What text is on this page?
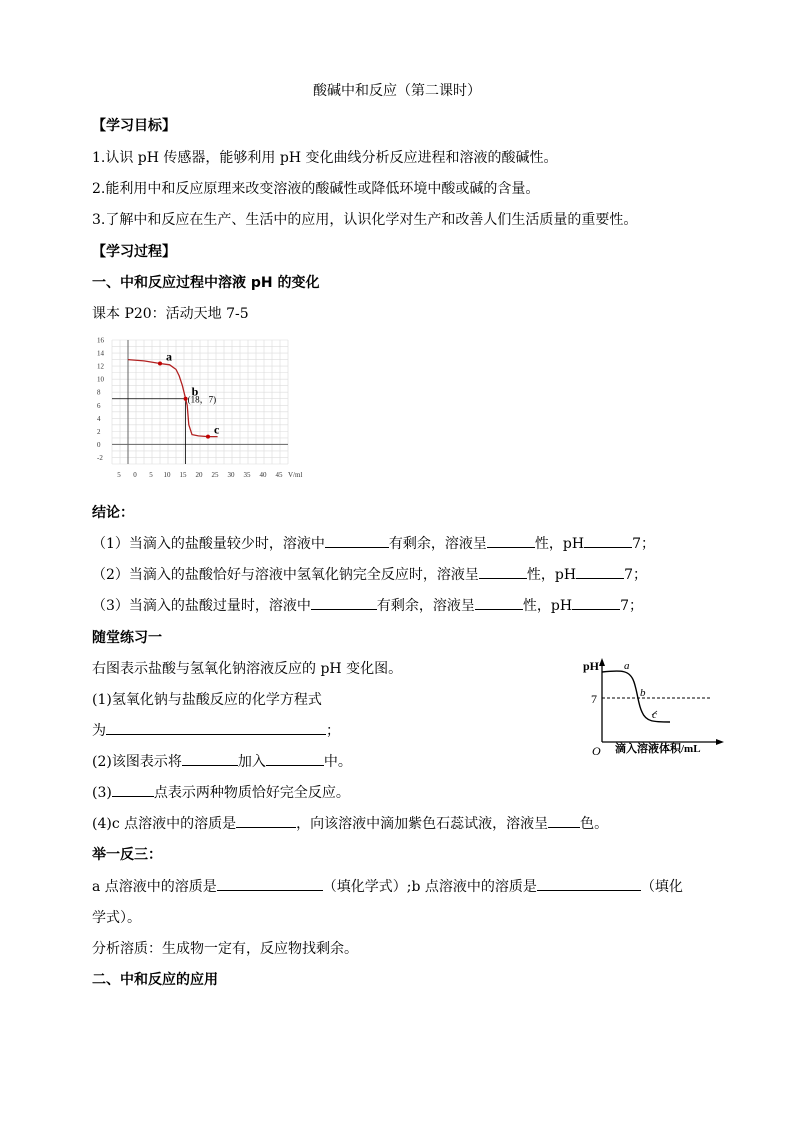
酸碱中和反应（第二课时）
【学习目标】
1.认识 pH 传感器，能够利用 pH 变化曲线分析反应进程和溶液的酸碱性。
2.能利用中和反应原理来改变溶液的酸碱性或降低环境中酸或碱的含量。
3.了解中和反应在生产、生活中的应用，认识化学对生产和改善人们生活质量的重要性。
【学习过程】
一、中和反应过程中溶液 pH 的变化
课本 P20：活动天地 7-5
16
14
12
10
8
6
4
2
0
-2
5 0 5 10 15 20 25 30 35 40 45 V/ml
a
b
c
(18，7)
结论：
（1）当滴入的盐酸量较少时，溶液中	有剩余，溶液呈	性，pH	7；
（2）当滴入的盐酸恰好与溶液中氢氧化钠完全反应时，溶液呈	性，pH	7；
（3）当滴入的盐酸过量时，溶液中	有剩余，溶液呈	性，pH	7；
随堂练习一
右图表示盐酸与氢氧化钠溶液反应的 pH 变化图。
(1)氢氧化钠与盐酸反应的化学方程式
为	；
(2)该图表示将	加入	中。
(3)	点表示两种物质恰好完全反应。
(4)c 点溶液中的溶质是	，向该溶液中滴加紫色石蕊试液，溶液呈 色。
pH
7
O
a
b
c
滴入溶液体积/mL
举一反三：
a 点溶液中的溶质是	（填化学式）;b 点溶液中的溶质是	（填化
学式）。
分析溶质：生成物一定有，反应物找剩余。
二、中和反应的应用
